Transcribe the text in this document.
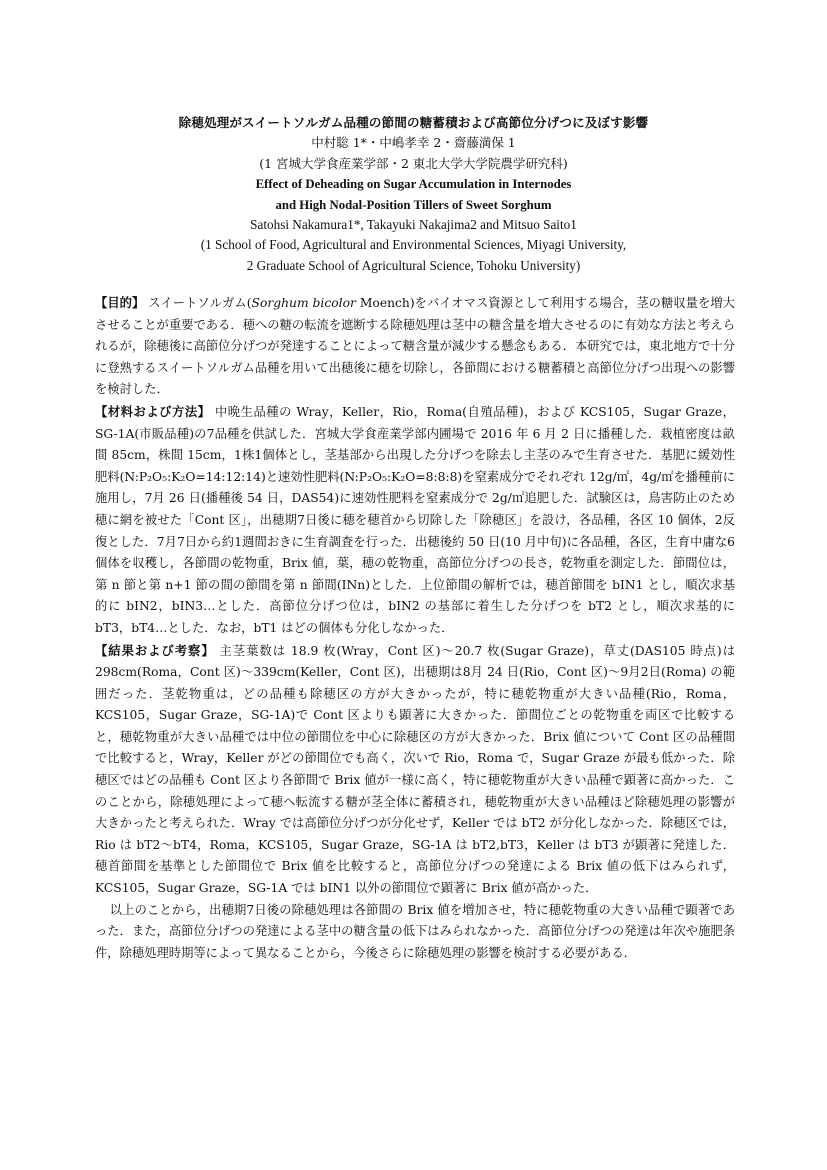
除穂処理がスイートソルガム品種の節間の糖蓄積および高節位分げつに及ぼす影響

中村聡 1*・中嶋孝幸 2・齋藤満保 1

(1 宮城大学食産業学部・2 東北大学大学院農学研究科)

Effect of Deheading on Sugar Accumulation in Internodes

and High Nodal-Position Tillers of Sweet Sorghum

Satohsi Nakamura1*, Takayuki Nakajima2 and Mitsuo Saito1

(1 School of Food, Agricultural and Environmental Sciences, Miyagi University,

2 Graduate School of Agricultural Science, Tohoku University)

【目的】 スイートソルガム(Sorghum bicolor Moench)をバイオマス資源として利用する場合，茎の糖収量を増大させることが重要である．穂への糖の転流を遮断する除穂処理は茎中の糖含量を増大させるのに有効な方法と考えられるが，除穂後に高節位分げつが発達することによって糖含量が減少する懸念もある．本研究では，東北地方で十分に登熟するスイートソルガム品種を用いて出穂後に穂を切除し，各節間における糖蓄積と高節位分げつ出現への影響を検討した．

【材料および方法】 中晩生品種の Wray，Keller，Rio，Roma(自殖品種)，および KCS105，Sugar Graze，SG-1A(市販品種)の7品種を供試した．宮城大学食産業学部内圃場で 2016 年 6 月 2 日に播種した．栽植密度は畝間 85cm，株間 15cm，1株1個体とし，茎基部から出現した分げつを除去し主茎のみで生育させた．基肥に緩効性肥料(N:P₂O₅:K₂O=14:12:14)と速効性肥料(N:P₂O₅:K₂O=8:8:8)を窒素成分でそれぞれ 12g/㎡，4g/㎡を播種前に施用し，7月 26 日(播種後 54 日，DAS54)に速効性肥料を窒素成分で 2g/㎡追肥した．試験区は，鳥害防止のため穂に網を被せた「Cont 区」，出穂期7日後に穂を穂首から切除した「除穂区」を設け，各品種，各区 10 個体，2反復とした．7月7日から約1週間おきに生育調査を行った．出穂後約 50 日(10 月中旬)に各品種，各区，生育中庸な6個体を収穫し，各節間の乾物重，Brix 値，葉，穂の乾物重，高節位分げつの長さ，乾物重を測定した．節間位は，第 n 節と第 n+1 節の間の節間を第 n 節間(INn)とした．上位節間の解析では，穂首節間を bIN1 とし，順次求基的に bIN2，bIN3…とした．高節位分げつ位は，bIN2 の基部に着生した分げつを bT2 とし，順次求基的に bT3，bT4…とした．なお，bT1 はどの個体も分化しなかった．

【結果および考察】 主茎葉数は 18.9 枚(Wray，Cont 区)～20.7 枚(Sugar Graze)，草丈(DAS105 時点)は 298cm(Roma，Cont 区)～339cm(Keller，Cont 区)，出穂期は8月 24 日(Rio，Cont 区)～9月2日(Roma) の範囲だった．茎乾物重は，どの品種も除穂区の方が大きかったが，特に穂乾物重が大きい品種(Rio，Roma，KCS105，Sugar Graze，SG-1A)で Cont 区よりも顕著に大きかった．節間位ごとの乾物重を両区で比較すると，穂乾物重が大きい品種では中位の節間位を中心に除穂区の方が大きかった．Brix 値について Cont 区の品種間で比較すると，Wray，Keller がどの節間位でも高く，次いで Rio，Roma で，Sugar Graze が最も低かった．除穂区ではどの品種も Cont 区より各節間で Brix 値が一様に高く，特に穂乾物重が大きい品種で顕著に高かった．このことから，除穂処理によって穂へ転流する糖が茎全体に蓄積され，穂乾物重が大きい品種ほど除穂処理の影響が大きかったと考えられた．Wray では高節位分げつが分化せず，Keller では bT2 が分化しなかった．除穂区では，Rio は bT2～bT4，Roma，KCS105，Sugar Graze，SG-1A は bT2,bT3，Keller は bT3 が顕著に発達した．穂首節間を基準とした節間位で Brix 値を比較すると，高節位分げつの発達による Brix 値の低下はみられず，KCS105，Sugar Graze，SG-1A では bIN1 以外の節間位で顕著に Brix 値が高かった．

以上のことから，出穂期7日後の除穂処理は各節間の Brix 値を増加させ，特に穂乾物重の大きい品種で顕著であった．また，高節位分げつの発達による茎中の糖含量の低下はみられなかった．高節位分げつの発達は年次や施肥条件，除穂処理時期等によって異なることから，今後さらに除穂処理の影響を検討する必要がある．
